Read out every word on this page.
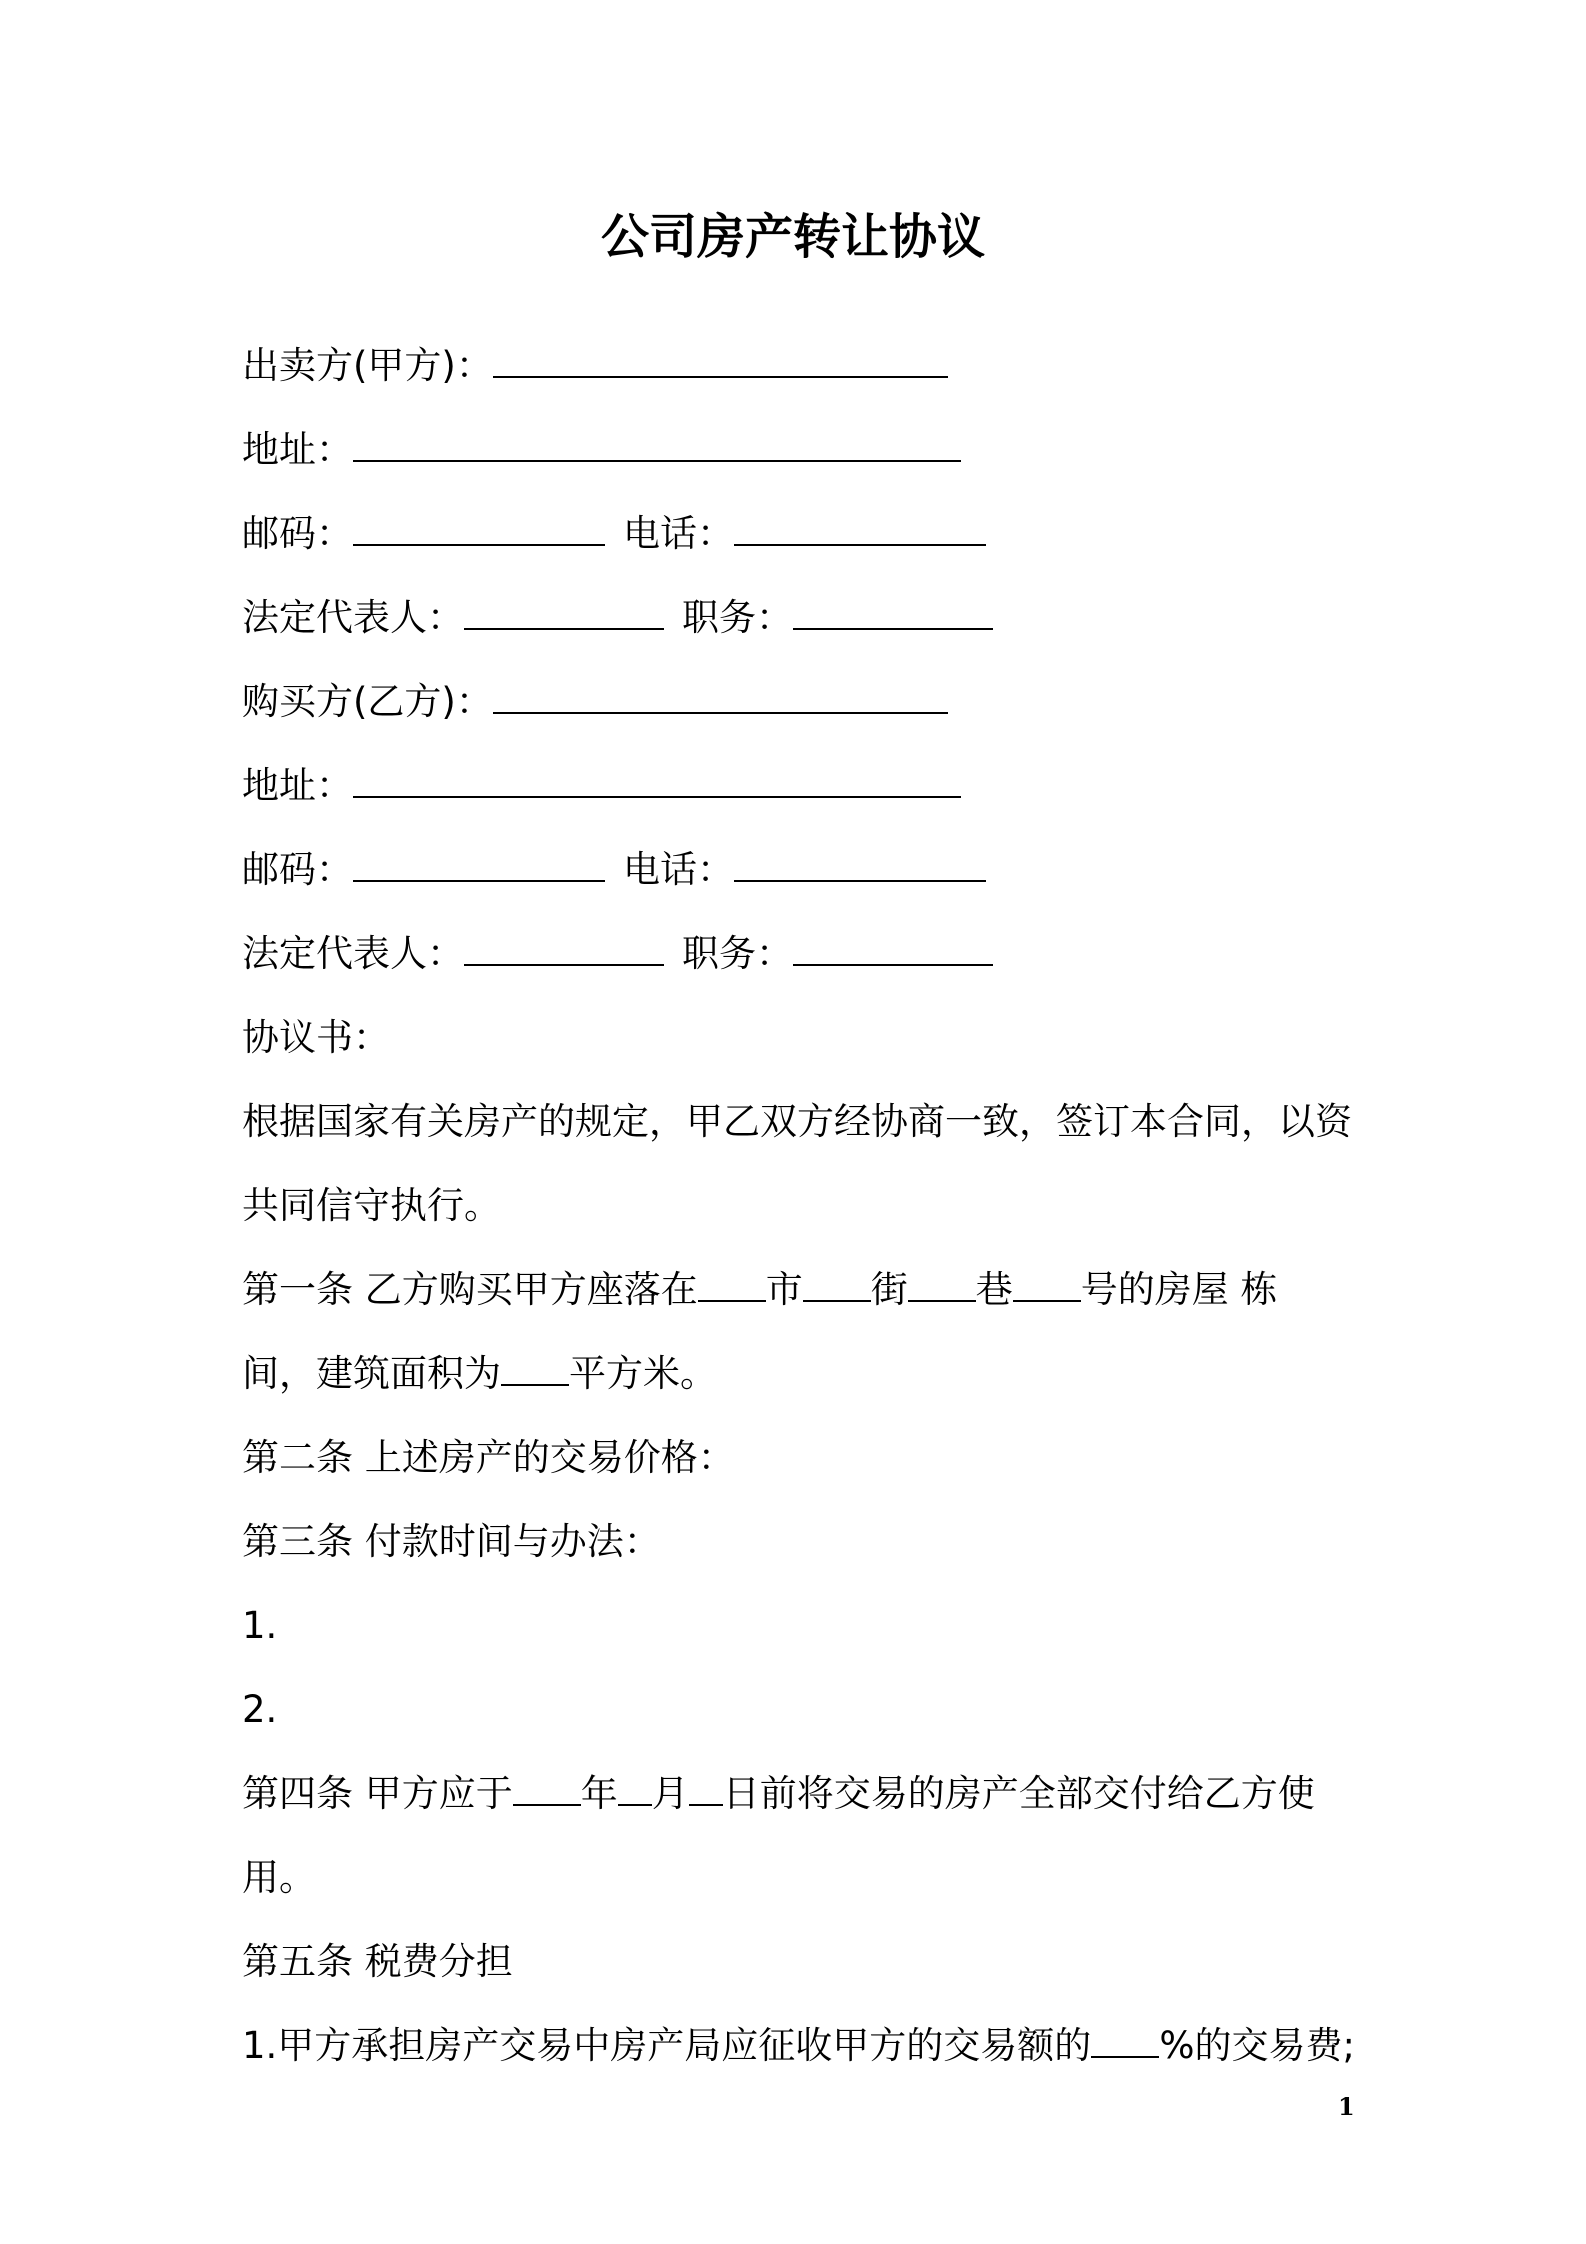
公司房产转让协议
出卖方(甲方)：
地址：
邮码：	电话：
法定代表人：	职务：
购买方(乙方)：
地址：
邮码：	电话：
法定代表人：	职务：
协议书：
根据国家有关房产的规定，甲乙双方经协商一致，签订本合同，以资
共同信守执行。
第一条 乙方购买甲方座落在 市 街 巷 号的房屋 栋
间，建筑面积为 平方米。
第二条 上述房产的交易价格：
第三条 付款时间与办法：
1.
2.
第四条 甲方应于 年 月 日前将交易的房产全部交付给乙方使
用。
第五条 税费分担
1.甲方承担房产交易中房产局应征收甲方的交易额的 %的交易费;
1
